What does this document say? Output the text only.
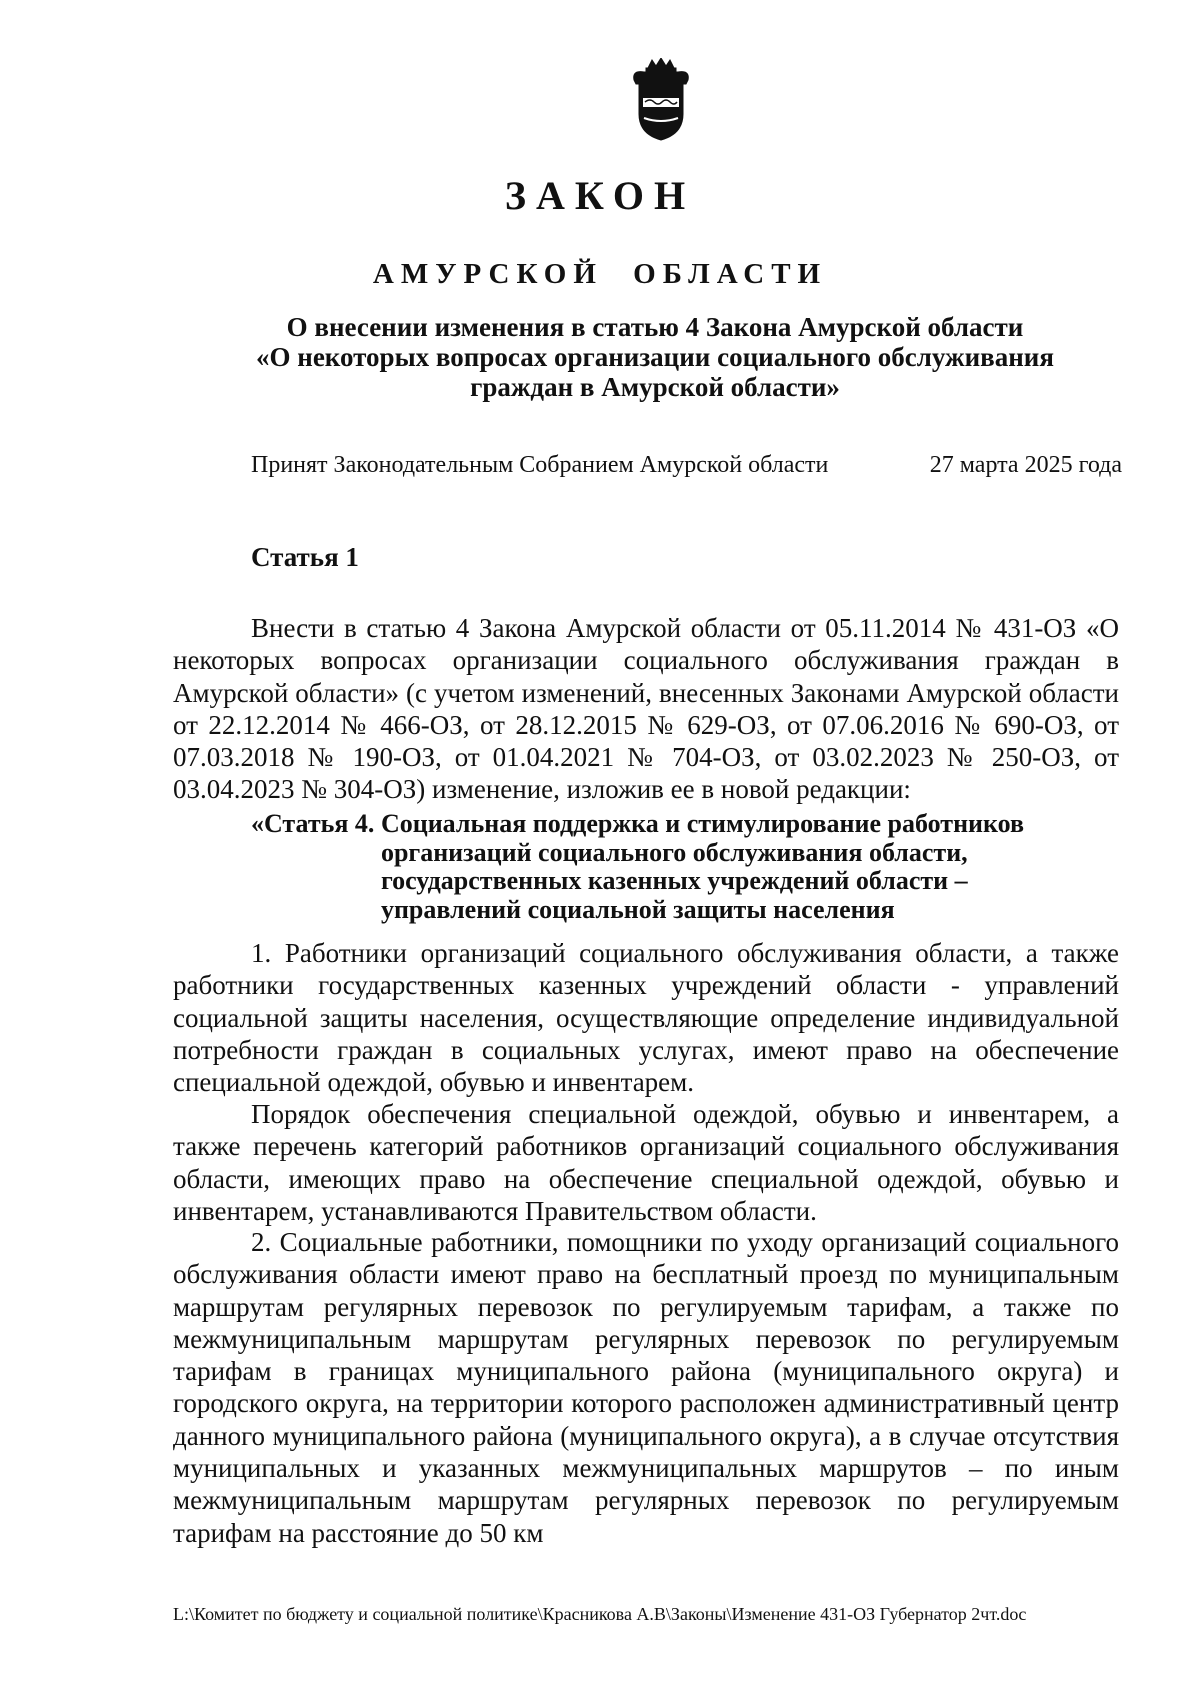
ЗАКОН
АМУРСКОЙ ОБЛАСТИ
О внесении изменения в статью 4 Закона Амурской области
«О некоторых вопросах организации социального обслуживания
граждан в Амурской области»
Принят Законодательным Собранием Амурской области	27 марта 2025 года
Статья 1
Внести в статью 4 Закона Амурской области от 05.11.2014 № 431-ОЗ «О некоторых вопросах организации социального обслуживания граждан в Амурской области» (с учетом изменений, внесенных Законами Амурской области от 22.12.2014 № 466-ОЗ, от 28.12.2015 № 629-ОЗ, от 07.06.2016 № 690-ОЗ, от 07.03.2018 № 190-ОЗ, от 01.04.2021 № 704-ОЗ, от 03.02.2023 № 250-ОЗ, от 03.04.2023 № 304-ОЗ) изменение, изложив ее в новой редакции:
«Статья 4. Социальная поддержка и стимулирование работников
организаций социального обслуживания области,
государственных казенных учреждений области –
управлений социальной защиты населения
1. Работники организаций социального обслуживания области, а также работники государственных казенных учреждений области - управлений социальной защиты населения, осуществляющие определение индивидуальной потребности граждан в социальных услугах, имеют право на обеспечение специальной одеждой, обувью и инвентарем.
Порядок обеспечения специальной одеждой, обувью и инвентарем, а также перечень категорий работников организаций социального обслуживания области, имеющих право на обеспечение специальной одеждой, обувью и инвентарем, устанавливаются Правительством области.
2. Социальные работники, помощники по уходу организаций социального обслуживания области имеют право на бесплатный проезд по муниципальным маршрутам регулярных перевозок по регулируемым тарифам, а также по межмуниципальным маршрутам регулярных перевозок по регулируемым тарифам в границах муниципального района (муниципального округа) и городского округа, на территории которого расположен административный центр данного муниципального района (муниципального округа), а в случае отсутствия муниципальных и указанных межмуниципальных маршрутов – по иным межмуниципальным маршрутам регулярных перевозок по регулируемым тарифам на расстояние до 50 км
L:\Комитет по бюджету и социальной политике\Красникова А.В\Законы\Изменение 431-ОЗ Губернатор 2чт.doc
